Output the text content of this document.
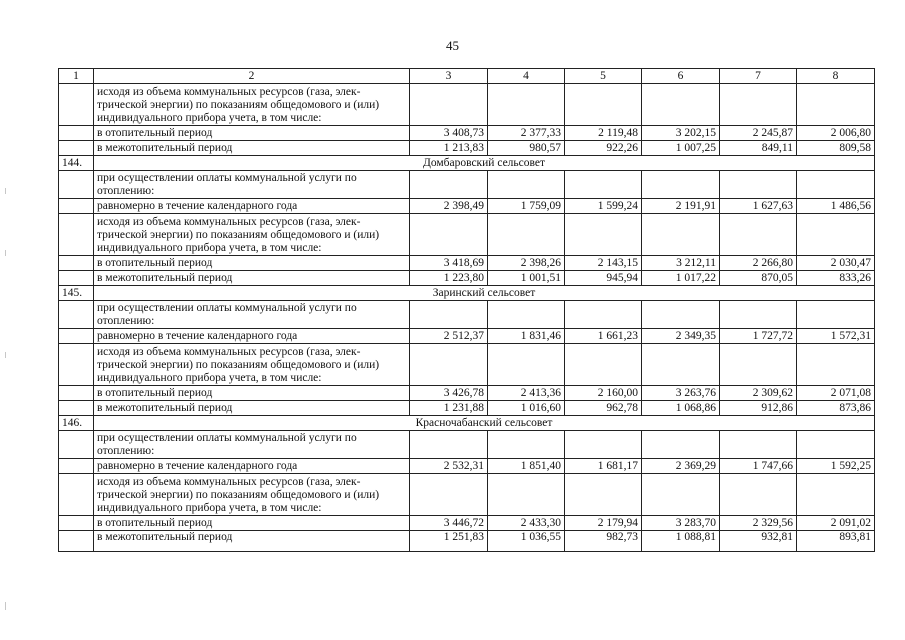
45
1	2	3	4	5	6	7	8
	исходя из объема коммунальных ресурсов (газа, элек-трической энергии) по показаниям общедомового и (или) индивидуального прибора учета, в том числе:						
	в отопительный период	3 408,73	2 377,33	2 119,48	3 202,15	2 245,87	2 006,80
	в межотопительный период	1 213,83	980,57	922,26	1 007,25	849,11	809,58
144.	Домбаровский сельсовет						
	при осуществлении оплаты коммунальной услуги по отоплению:						
	равномерно в течение календарного года	2 398,49	1 759,09	1 599,24	2 191,91	1 627,63	1 486,56
	исходя из объема коммунальных ресурсов (газа, элек-трической энергии) по показаниям общедомового и (или) индивидуального прибора учета, в том числе:						
	в отопительный период	3 418,69	2 398,26	2 143,15	3 212,11	2 266,80	2 030,47
	в межотопительный период	1 223,80	1 001,51	945,94	1 017,22	870,05	833,26
145.	Заринский сельсовет						
	при осуществлении оплаты коммунальной услуги по отоплению:						
	равномерно в течение календарного года	2 512,37	1 831,46	1 661,23	2 349,35	1 727,72	1 572,31
	исходя из объема коммунальных ресурсов (газа, элек-трической энергии) по показаниям общедомового и (или) индивидуального прибора учета, в том числе:						
	в отопительный период	3 426,78	2 413,36	2 160,00	3 263,76	2 309,62	2 071,08
	в межотопительный период	1 231,88	1 016,60	962,78	1 068,86	912,86	873,86
146.	Красночабанский сельсовет						
	при осуществлении оплаты коммунальной услуги по отоплению:						
	равномерно в течение календарного года	2 532,31	1 851,40	1 681,17	2 369,29	1 747,66	1 592,25
	исходя из объема коммунальных ресурсов (газа, элек-трической энергии) по показаниям общедомового и (или) индивидуального прибора учета, в том числе:						
	в отопительный период	3 446,72	2 433,30	2 179,94	3 283,70	2 329,56	2 091,02
	в межотопительный период	1 251,83	1 036,55	982,73	1 088,81	932,81	893,81
